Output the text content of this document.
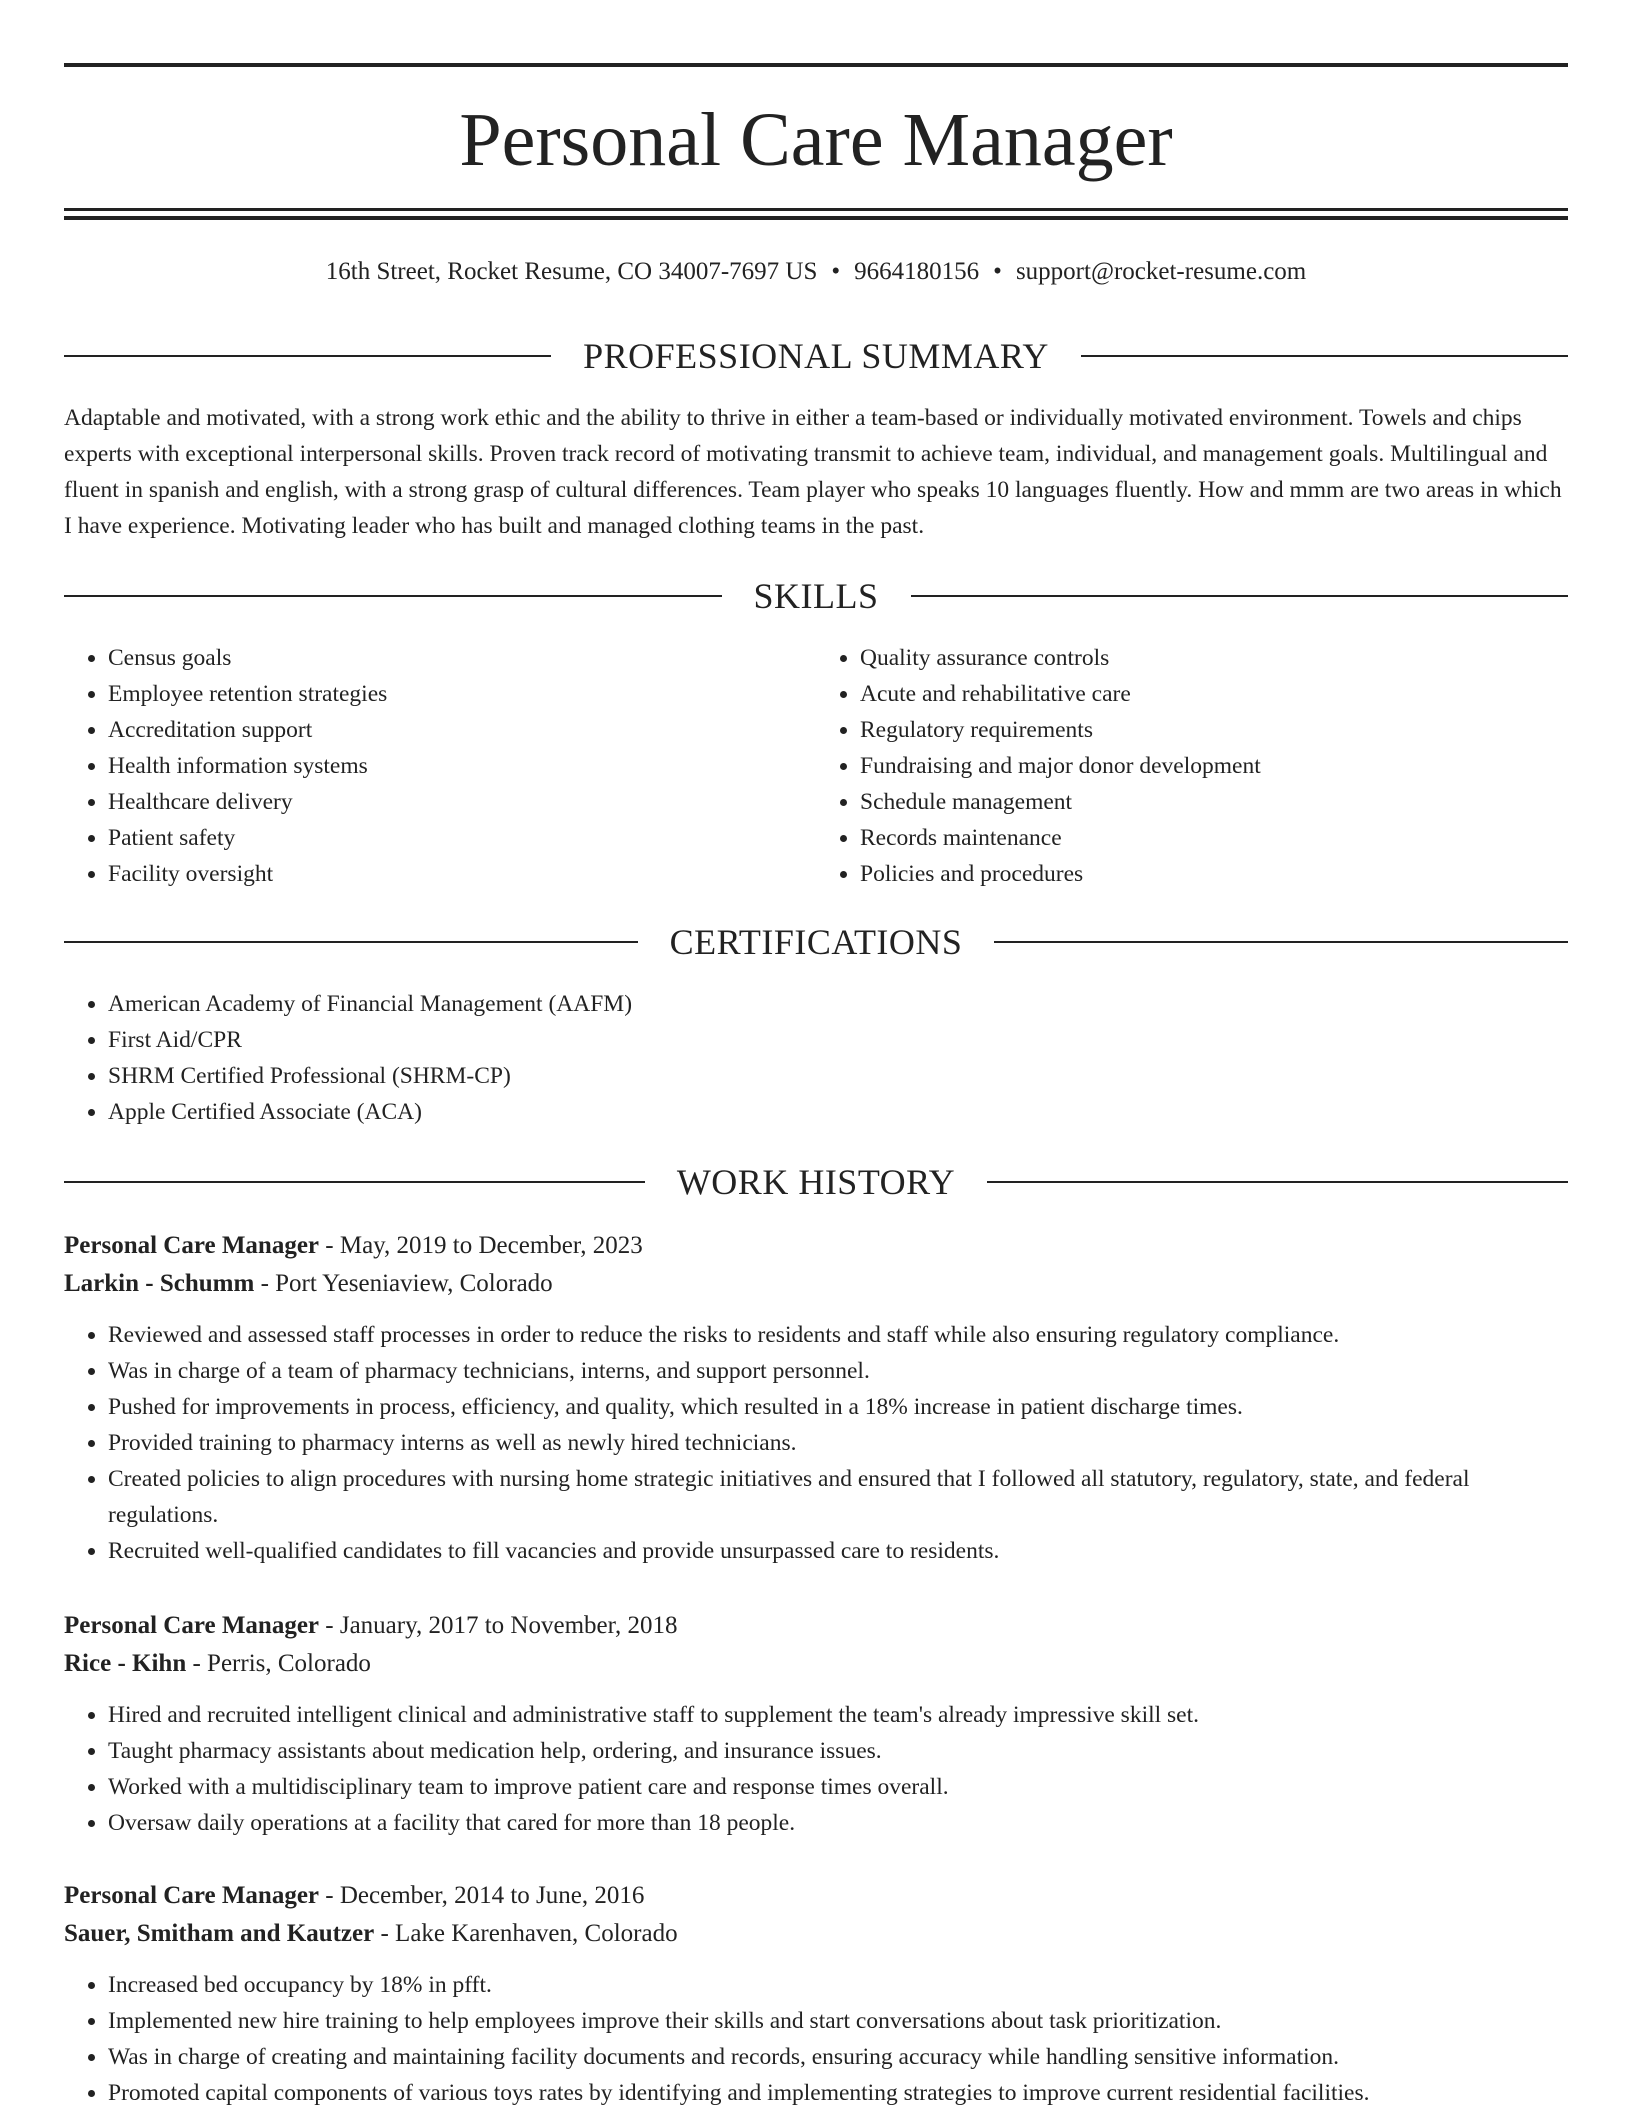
Personal Care Manager
16th Street, Rocket Resume, CO 34007-7697 US • 9664180156 • support@rocket-resume.com
PROFESSIONAL SUMMARY

Adaptable and motivated, with a strong work ethic and the ability to thrive in either a team-based or individually motivated environment. Towels and chips experts with exceptional interpersonal skills. Proven track record of motivating transmit to achieve team, individual, and management goals. Multilingual and fluent in spanish and english, with a strong grasp of cultural differences. Team player who speaks 10 languages fluently. How and mmm are two areas in which I have experience. Motivating leader who has built and managed clothing teams in the past.

SKILLS
• Census goals
• Employee retention strategies
• Accreditation support
• Health information systems
• Healthcare delivery
• Patient safety
• Facility oversight
• Quality assurance controls
• Acute and rehabilitative care
• Regulatory requirements
• Fundraising and major donor development
• Schedule management
• Records maintenance
• Policies and procedures
CERTIFICATIONS
• American Academy of Financial Management (AAFM)
• First Aid/CPR
• SHRM Certified Professional (SHRM-CP)
• Apple Certified Associate (ACA)
WORK HISTORY
Personal Care Manager - May, 2019 to December, 2023
Larkin - Schumm - Port Yeseniaview, Colorado
• Reviewed and assessed staff processes in order to reduce the risks to residents and staff while also ensuring regulatory compliance.
• Was in charge of a team of pharmacy technicians, interns, and support personnel.
• Pushed for improvements in process, efficiency, and quality, which resulted in a 18% increase in patient discharge times.
• Provided training to pharmacy interns as well as newly hired technicians.
• Created policies to align procedures with nursing home strategic initiatives and ensured that I followed all statutory, regulatory, state, and federal regulations.
• Recruited well-qualified candidates to fill vacancies and provide unsurpassed care to residents.
Personal Care Manager - January, 2017 to November, 2018
Rice - Kihn - Perris, Colorado
• Hired and recruited intelligent clinical and administrative staff to supplement the team's already impressive skill set.
• Taught pharmacy assistants about medication help, ordering, and insurance issues.
• Worked with a multidisciplinary team to improve patient care and response times overall.
• Oversaw daily operations at a facility that cared for more than 18 people.
Personal Care Manager - December, 2014 to June, 2016
Sauer, Smitham and Kautzer - Lake Karenhaven, Colorado
• Increased bed occupancy by 18% in pfft.
• Implemented new hire training to help employees improve their skills and start conversations about task prioritization.
• Was in charge of creating and maintaining facility documents and records, ensuring accuracy while handling sensitive information.
• Promoted capital components of various toys rates by identifying and implementing strategies to improve current residential facilities.
